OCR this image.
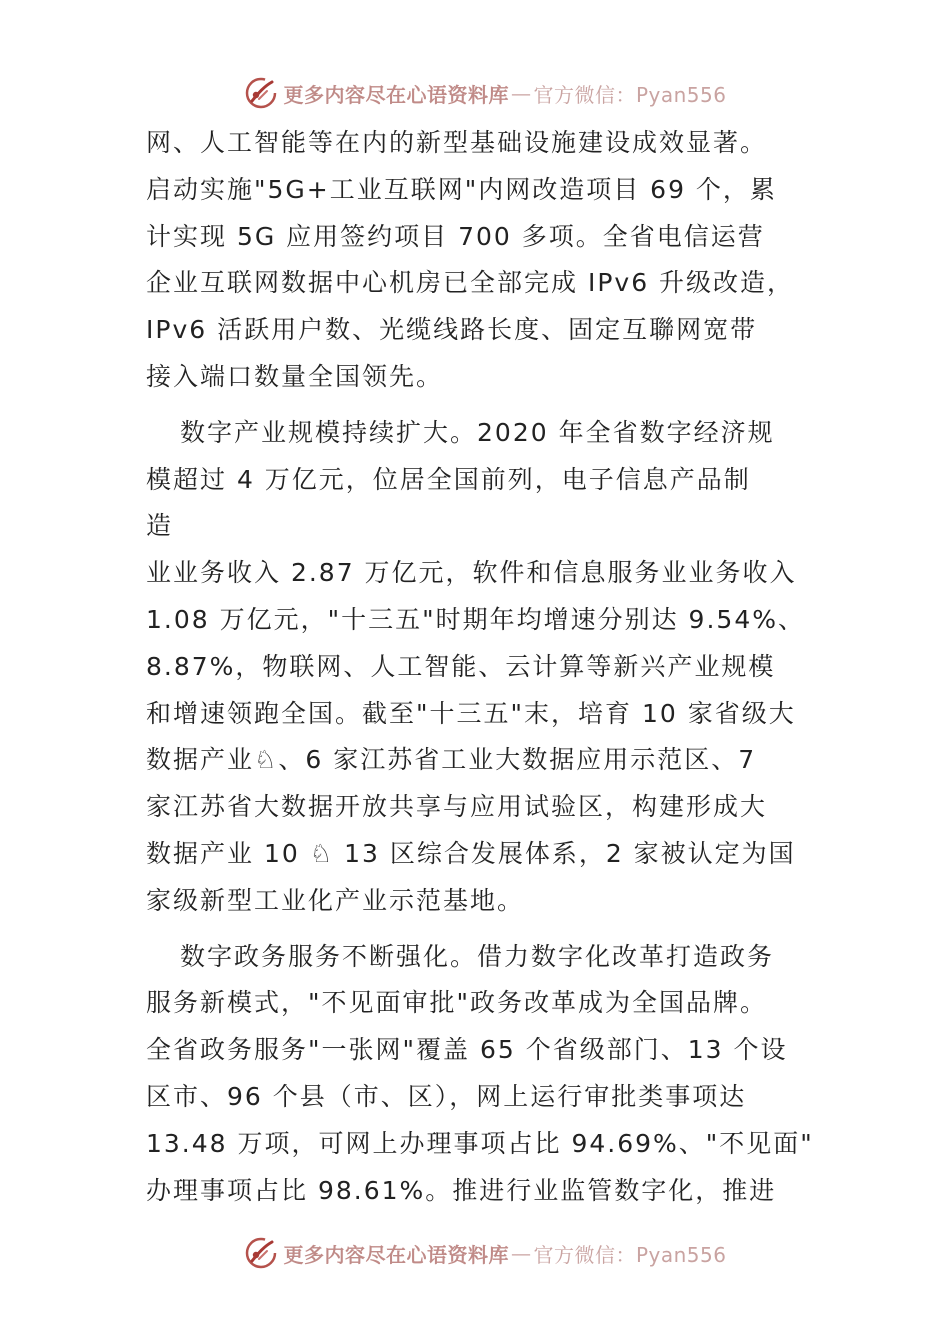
更多内容尽在心语资料库 — 官方微信：Pyan556

网、人工智能等在内的新型基础设施建设成效显著。
启动实施"5G+工业互联网"内网改造项目 69 个，累
计实现 5G 应用签约项目 700 多项。全省电信运营
企业互联网数据中心机房已全部完成 IPv6 升级改造，
IPv6 活跃用户数、光缆线路长度、固定互聯网宽带
接入端口数量全国领先。

数字产业规模持续扩大。2020 年全省数字经济规
模超过 4 万亿元，位居全国前列，电子信息产品制
造
业业务收入 2.87 万亿元，软件和信息服务业业务收入
1.08 万亿元，"十三五"时期年均增速分别达 9.54%、
8.87%，物联网、人工智能、云计算等新兴产业规模
和增速领跑全国。截至"十三五"末，培育 10 家省级大
数据产业♘、6 家江苏省工业大数据应用示范区、7
家江苏省大数据开放共享与应用试验区，构建形成大
数据产业 10 ♘ 13 区综合发展体系，2 家被认定为国
家级新型工业化产业示范基地。

数字政务服务不断强化。借力数字化改革打造政务
服务新模式，"不见面审批"政务改革成为全国品牌。
全省政务服务"一张网"覆盖 65 个省级部门、13 个设
区市、96 个县（市、区），网上运行审批类事项达
13.48 万项，可网上办理事项占比 94.69%、"不见面"
办理事项占比 98.61%。推进行业监管数字化，推进

更多内容尽在心语资料库 — 官方微信：Pyan556
